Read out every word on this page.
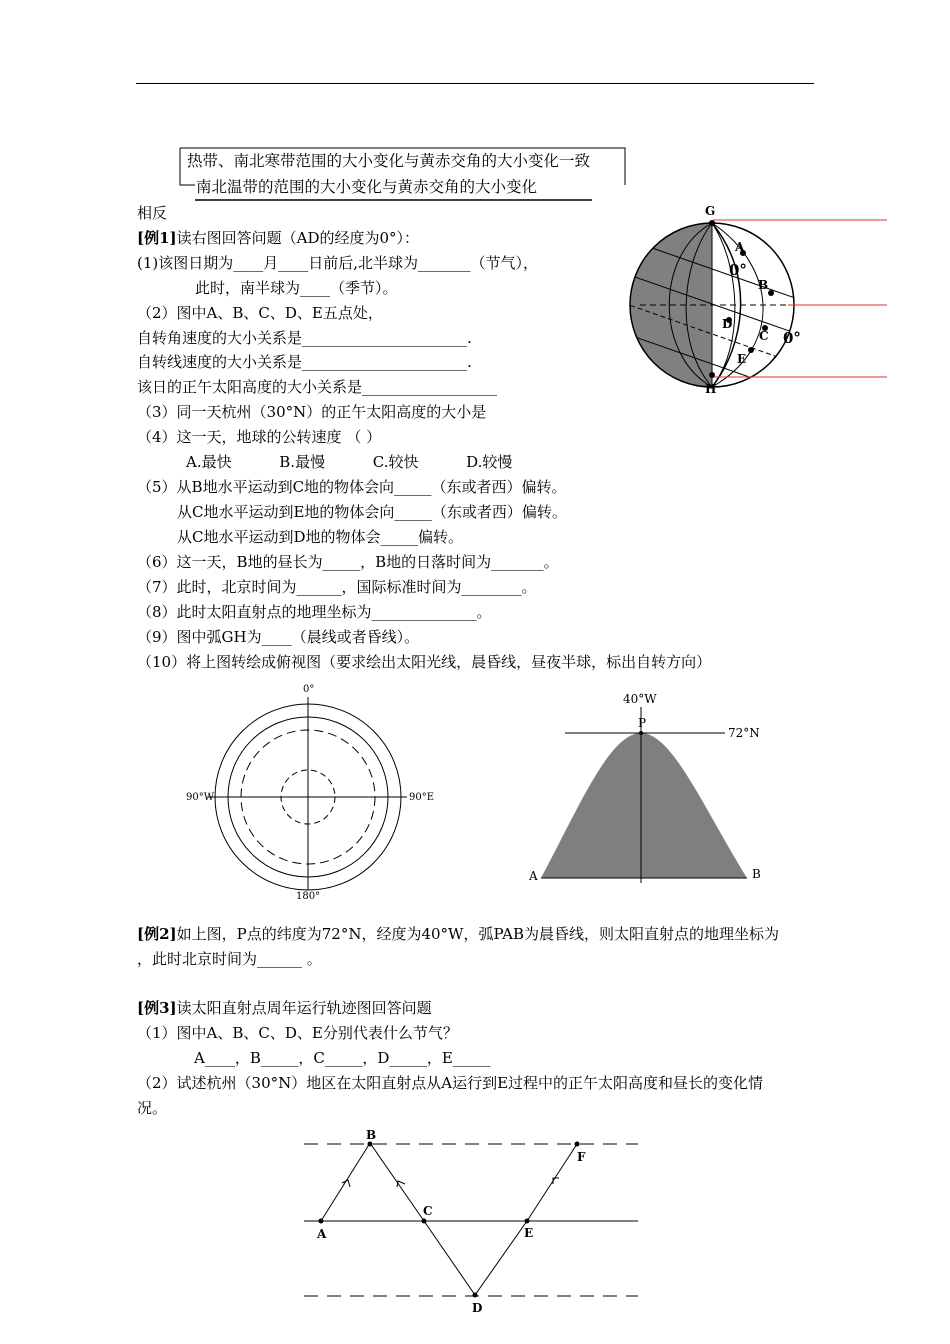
热带、南北寒带范围的大小变化与黄赤交角的大小变化一致
南北温带的范围的大小变化与黄赤交角的大小变化
相反
[例1]读右图回答问题（AD的经度为0°）：
(1)该图日期为____月____日前后,北半球为_______（节气），
此时，南半球为____（季节）。
（2）图中A、B、C、D、E五点处，
自转角速度的大小关系是______________________.
自转线速度的大小关系是______________________.
该日的正午太阳高度的大小关系是__________________
（3）同一天杭州（30°N）的正午太阳高度的大小是
（4）这一天，地球的公转速度 （ ）
A.最快          B.最慢          C.较快          D.较慢
（5）从B地水平运动到C地的物体会向_____（东或者西）偏转。
从C地水平运动到E地的物体会向_____（东或者西）偏转。
从C地水平运动到D地的物体会_____偏转。
（6）这一天，B地的昼长为_____，B地的日落时间为_______。
（7）此时，北京时间为______，国际标准时间为________。
（8）此时太阳直射点的地理坐标为______________。
（9）图中弧GH为____（晨线或者昏线）。
（10）将上图转绘成俯视图（要求绘出太阳光线，晨昏线，昼夜半球，标出自转方向）
G
A
0°
B
D
C 0°
E
H
0°
90°W	90°E
180°
40°W
P
72°N
A	B
[例2]如上图，P点的纬度为72°N，经度为40°W，弧PAB为晨昏线，则太阳直射点的地理坐标为
，此时北京时间为______ 。
[例3]读太阳直射点周年运行轨迹图回答问题
（1）图中A、B、C、D、E分别代表什么节气？
A____，B_____，C_____，D_____，E_____
（2）试述杭州（30°N）地区在太阳直射点从A运行到E过程中的正午太阳高度和昼长的变化情
况。
A
B
C
D
E
F
